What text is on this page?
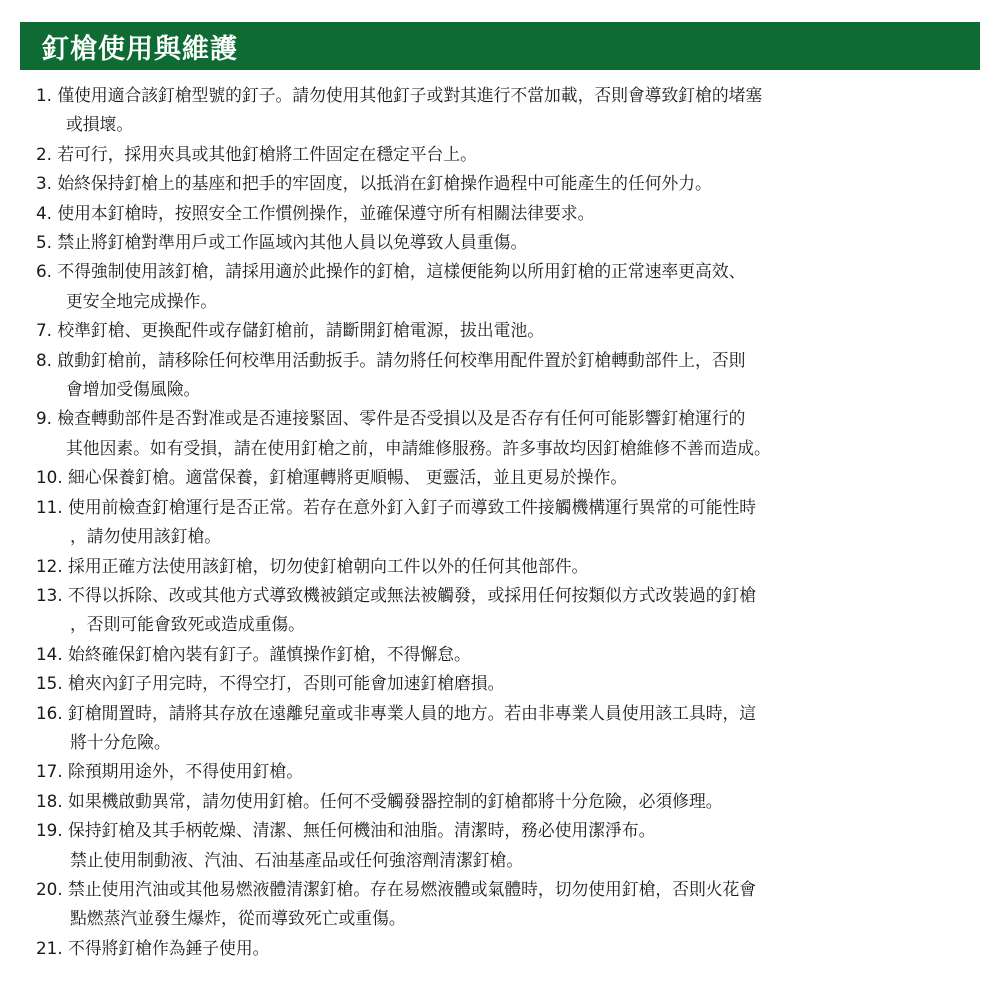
釘槍使用與維護
1. 僅使用適合該釘槍型號的釘子。請勿使用其他釘子或對其進行不當加載，否則會導致釘槍的堵塞
或損壞。
2. 若可行，採用夾具或其他釘槍將工件固定在穩定平台上。
3. 始終保持釘槍上的基座和把手的牢固度，以抵消在釘槍操作過程中可能產生的任何外力。
4. 使用本釘槍時，按照安全工作慣例操作，並確保遵守所有相關法律要求。
5. 禁止將釘槍對準用戶或工作區域內其他人員以免導致人員重傷。
6. 不得強制使用該釘槍，請採用適於此操作的釘槍，這樣便能夠以所用釘槍的正常速率更高效、
更安全地完成操作。
7. 校準釘槍、更換配件或存儲釘槍前，請斷開釘槍電源，拔出電池。
8. 啟動釘槍前，請移除任何校準用活動扳手。請勿將任何校準用配件置於釘槍轉動部件上，否則
會增加受傷風險。
9. 檢查轉動部件是否對准或是否連接緊固、零件是否受損以及是否存有任何可能影響釘槍運行的
其他因素。如有受損，請在使用釘槍之前，申請維修服務。許多事故均因釘槍維修不善而造成。
10. 細心保養釘槍。適當保養，釘槍運轉將更順暢、 更靈活，並且更易於操作。
11. 使用前檢查釘槍運行是否正常。若存在意外釘入釘子而導致工件接觸機構運行異常的可能性時
，請勿使用該釘槍。
12. 採用正確方法使用該釘槍，切勿使釘槍朝向工件以外的任何其他部件。
13. 不得以拆除、改或其他方式導致機被鎖定或無法被觸發，或採用任何按類似方式改裝過的釘槍
，否則可能會致死或造成重傷。
14. 始終確保釘槍內裝有釘子。謹慎操作釘槍，不得懈怠。
15. 槍夾內釘子用完時，不得空打，否則可能會加速釘槍磨損。
16. 釘槍閒置時，請將其存放在遠離兒童或非專業人員的地方。若由非專業人員使用該工具時，這
將十分危險。
17. 除預期用途外，不得使用釘槍。
18. 如果機啟動異常，請勿使用釘槍。任何不受觸發器控制的釘槍都將十分危險，必須修理。
19. 保持釘槍及其手柄乾燥、清潔、無任何機油和油脂。清潔時，務必使用潔淨布。
禁止使用制動液、汽油、石油基產品或任何強溶劑清潔釘槍。
20. 禁止使用汽油或其他易燃液體清潔釘槍。存在易燃液體或氣體時，切勿使用釘槍，否則火花會
點燃蒸汽並發生爆炸，從而導致死亡或重傷。
21. 不得將釘槍作為錘子使用。
